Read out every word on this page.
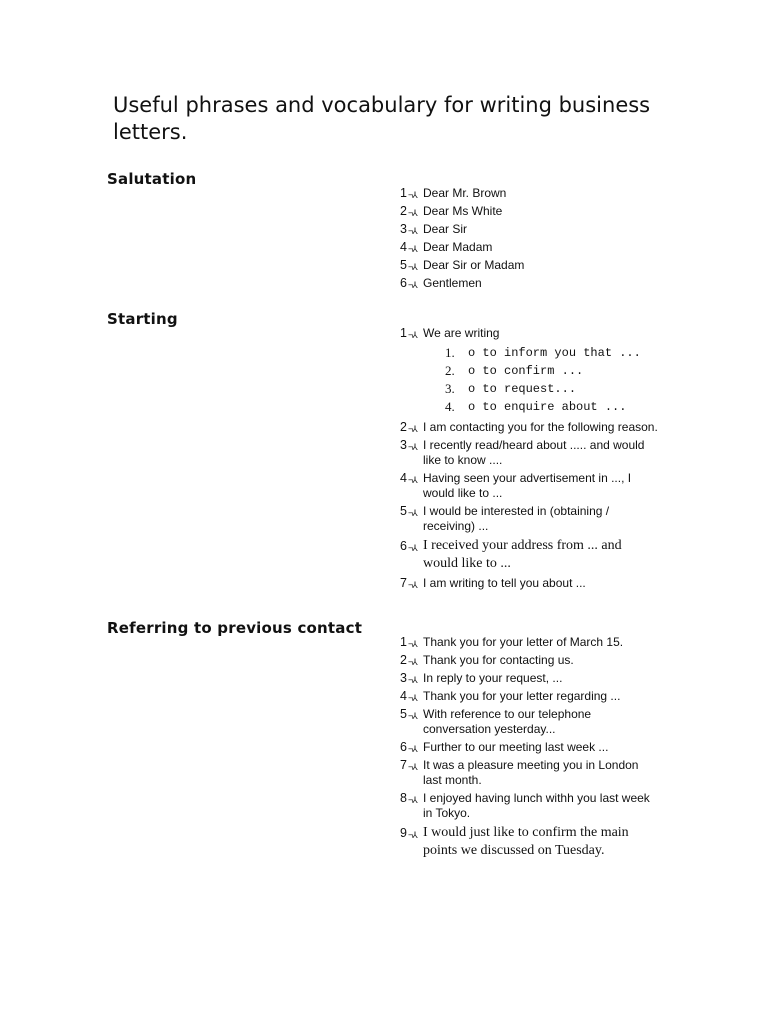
Useful phrases and vocabulary for writing business letters.
Salutation
1 ¬⅄ Dear Mr. Brown
2 ¬⅄ Dear Ms White
3 ¬⅄ Dear Sir
4 ¬⅄ Dear Madam
5 ¬⅄ Dear Sir or Madam
6 ¬⅄ Gentlemen
Starting
1 ¬⅄ We are writing
1. o to inform you that ...
2. o to confirm ...
3. o to request...
4. o to enquire about ...
2 ¬⅄ I am contacting you for the following reason.
3 ¬⅄ I recently read/heard about ..... and would like to know ....
4 ¬⅄ Having seen your advertisement in ..., I would like to ...
5 ¬⅄ I would be interested in (obtaining / receiving) ...
6 ¬⅄ I received your address from ... and would like to ...
7 ¬⅄ I am writing to tell you about ...
Referring to previous contact
1 ¬⅄ Thank you for your letter of March 15.
2 ¬⅄ Thank you for contacting us.
3 ¬⅄ In reply to your request, ...
4 ¬⅄ Thank you for your letter regarding ...
5 ¬⅄ With reference to our telephone conversation yesterday...
6 ¬⅄ Further to our meeting last week ...
7 ¬⅄ It was a pleasure meeting you in London last month.
8 ¬⅄ I enjoyed having lunch withh you last week in Tokyo.
9 ¬⅄ I would just like to confirm the main points we discussed on Tuesday.
